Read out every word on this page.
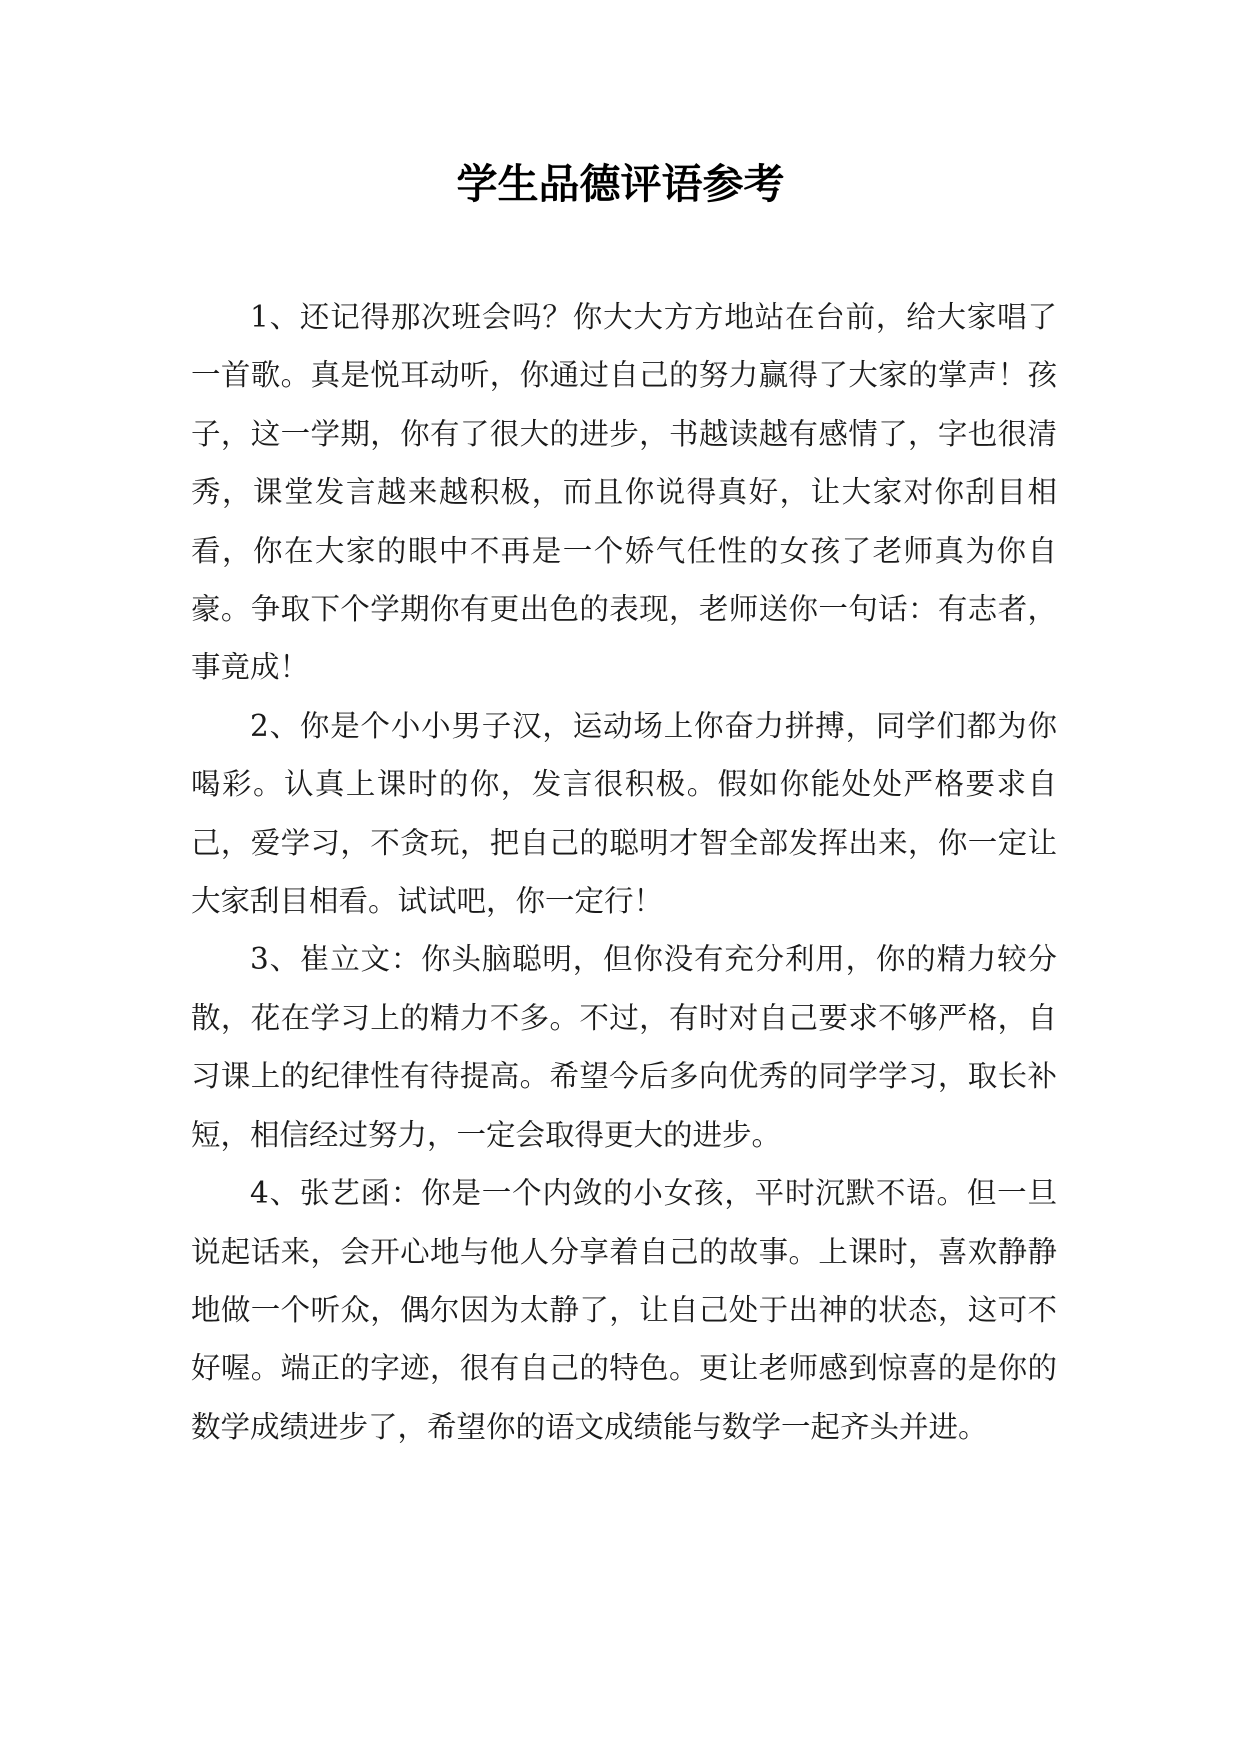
学生品德评语参考

1、还记得那次班会吗？你大大方方地站在台前，给大家唱了一首歌。真是悦耳动听，你通过自己的努力赢得了大家的掌声！孩子，这一学期，你有了很大的进步，书越读越有感情了，字也很清秀，课堂发言越来越积极，而且你说得真好，让大家对你刮目相看，你在大家的眼中不再是一个娇气任性的女孩了老师真为你自豪。争取下个学期你有更出色的表现，老师送你一句话：有志者，事竟成！

2、你是个小小男子汉，运动场上你奋力拼搏，同学们都为你喝彩。认真上课时的你，发言很积极。假如你能处处严格要求自己，爱学习，不贪玩，把自己的聪明才智全部发挥出来，你一定让大家刮目相看。试试吧，你一定行！

3、崔立文：你头脑聪明，但你没有充分利用，你的精力较分散，花在学习上的精力不多。不过，有时对自己要求不够严格，自习课上的纪律性有待提高。希望今后多向优秀的同学学习，取长补短，相信经过努力，一定会取得更大的进步。

4、张艺函：你是一个内敛的小女孩，平时沉默不语。但一旦说起话来，会开心地与他人分享着自己的故事。上课时，喜欢静静地做一个听众，偶尔因为太静了，让自己处于出神的状态，这可不好喔。端正的字迹，很有自己的特色。更让老师感到惊喜的是你的数学成绩进步了，希望你的语文成绩能与数学一起齐头并进。
